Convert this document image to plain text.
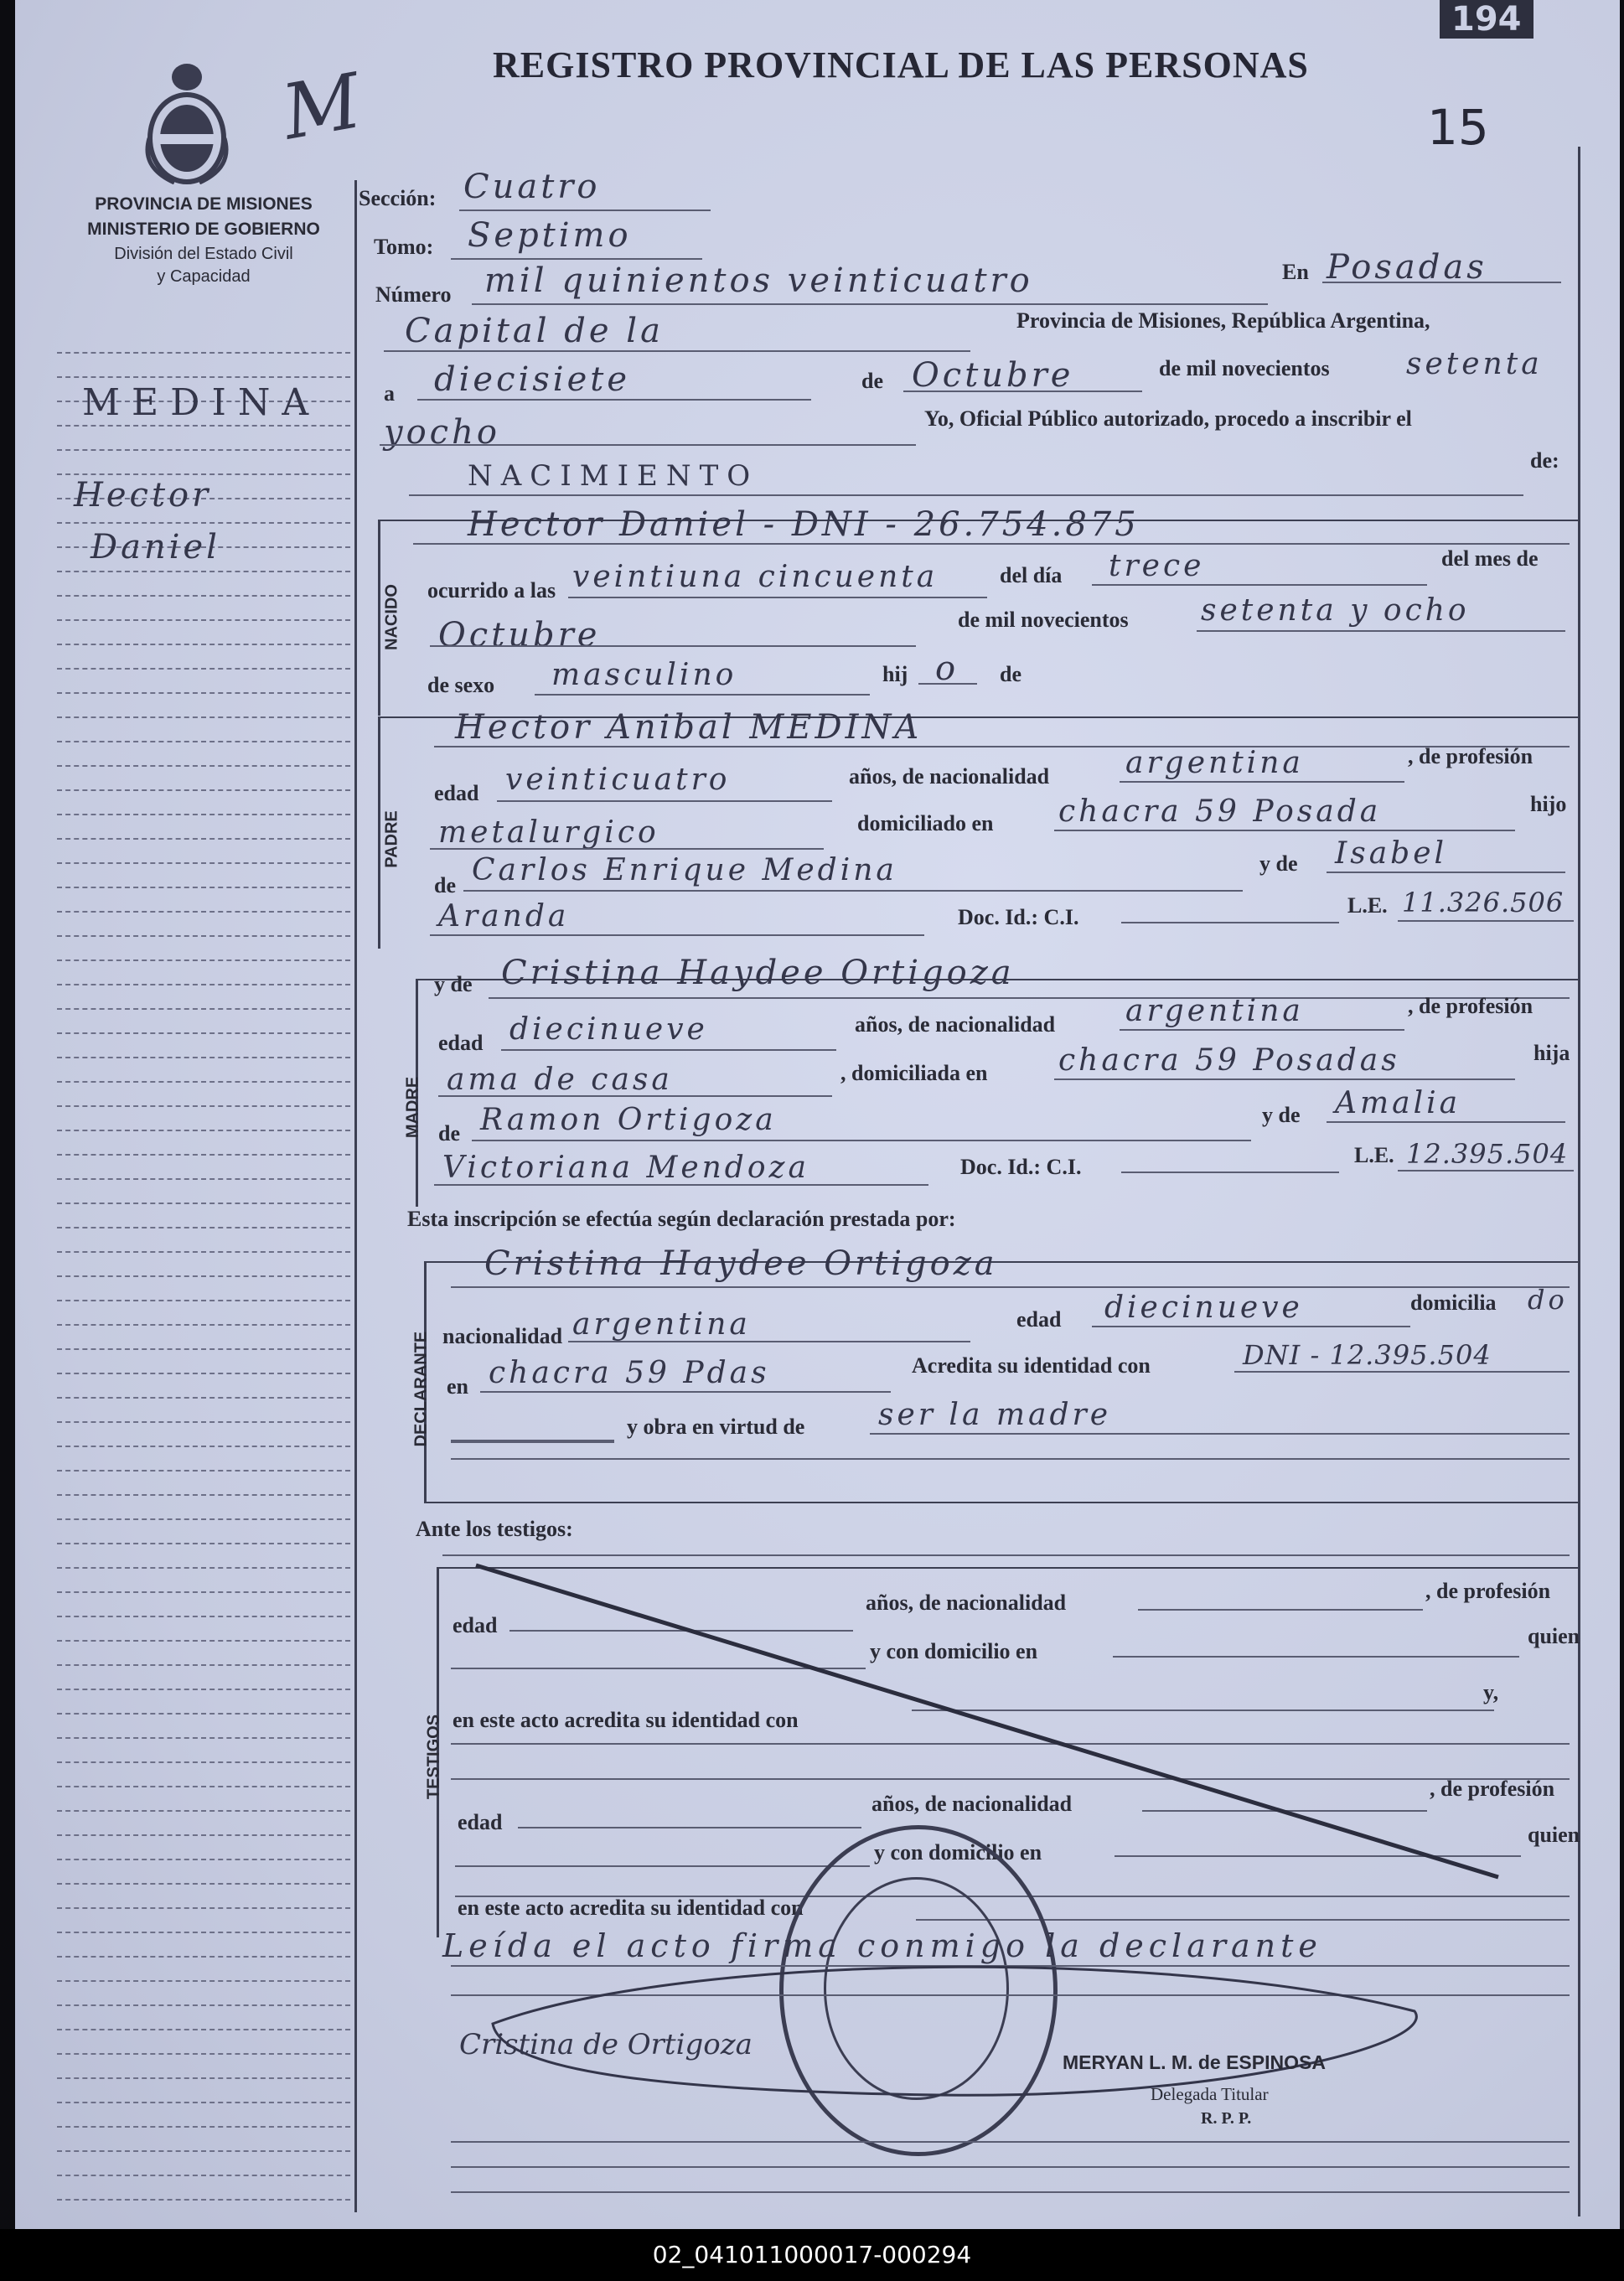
M	REGISTRO PROVINCIAL DE LAS PERSONAS
194
15
PROVINCIA DE MISIONES
MINISTERIO DE GOBIERNO
División del Estado Civil
y Capacidad
MEDINA
Hector
Daniel
Sección: Cuatro
Tomo: Septimo
Número mil quinientos veinticuatro	En Posadas
Capital de la	Provincia de Misiones, República Argentina,
a diecisiete	de Octubre	de mil novecientos	setenta
yocho	Yo, Oficial Público autorizado, procedo a inscribir el
NACIMIENTO	de:
NACIDO
Hector Daniel - DNI - 26.754.875
ocurrido a las veintiuna cincuenta	del día trece	del mes de
Octubre	de mil novecientos setenta y ocho
de sexo masculino	hij o de
PADRE
Hector Anibal MEDINA
edad veinticuatro	años, de nacionalidad	argentina	, de profesión
metalurgico	domiciliado en chacra 59 Posada	hijo
de Carlos Enrique Medina	y de Isabel
Aranda	Doc. Id.: C.I.	L.E. 11.326.506
MADRE
y de Cristina Haydee Ortigoza
edad diecinueve	años, de nacionalidad argentina	, de profesión
ama de casa	, domiciliada en chacra 59 Posadas	hija
de Ramon Ortigoza	y de Amalia
Victoriana Mendoza	Doc. Id.: C.I.	L.E. 12.395.504
Esta inscripción se efectúa según declaración prestada por:
DECLARANTE
Cristina Haydee Ortigoza
nacionalidad argentina	edad diecinueve	domicilia do
en chacra 59 Pdas	Acredita su identidad con	DNI - 12.395.504
y obra en virtud de ser la madre
Ante los testigos:
TESTIGOS
edad
años, de nacionalidad	, de profesión
y con domicilio en
quien
en este acto acredita su identidad con
y,
edad
años, de nacionalidad
, de profesión
y con domicilio en
quien
en este acto acredita su identidad con
Leída el acto firma conmigo la declarante
Cristina de Ortigoza
MERYAN L. M. de ESPINOSA
Delegada Titular
R. P. P.
02_041011000017-000294
